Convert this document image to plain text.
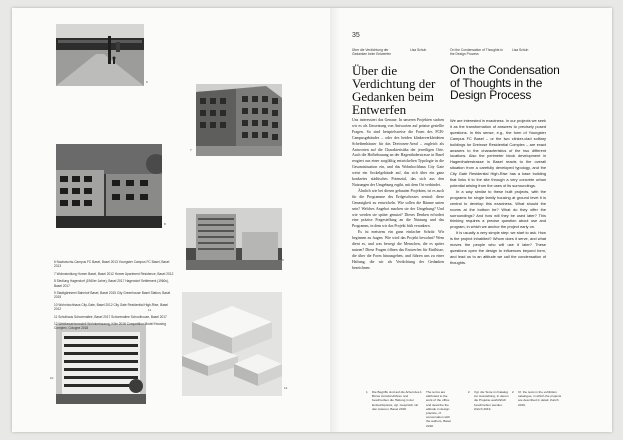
6
7
8
9
10
12
11
6 Nachwuchs-Campus FC Basel, Basel 2013 Youngster Campus FC Basel, Basel 2013
7 Wohnsiedlung Homer Basel, Basel 2012 Homer Apartment Residence, Basel 2012
8 Siedlung Hagendorf (1960er Jahre), Basel 2017 Hagendorf Settlement (1960s), Basel 2017
9 Stadtgärtnerei Bahnhof Basel, Basel 2015 City Greenhouse Basel Station, Basel 2015
10 Wohnhochhaus City-Gate, Basel 2012 City Gate Residential High-Rise, Basel 2012
11 Schulhaus Schorenallee, Basel 2017 Schorenallee Schoolhouse, Basel 2017
12 Wettbewerbsmodell Wohnbebauung, Köln 2018 Competition Model Housing Complex, Cologne 2018
35
Über die Verdichtung der Gedanken beim Entwerfen
Lisa Schuh	On the Condensation of Thoughts in the Design Process
Lisa Schuh
Über die Verdichtung der Gedanken beim Entwerfen
On the Condensation of Thoughts in the Design Process

Uns interessiert das Genaue. In unseren Projekten suchen wir es als Umsetzung von Antworten auf präzise gestellte Fragen. So sind beispielsweise die Form des FCB-Campusgebäudes – oder des beiden klinkerverkleideten Scheibenhäuser für das Dreirosen-Areal – zugleich als Antworten auf die Charakteristika der jeweiligen Orte. Auch die Hofbebauung an der Hagenthalerstrasse in Basel reagiert aus einer sorgfältig entwickelten Typologie in die Gesamtsituation ein, und das Wohnhochhaus City Gate weist ein Sockelgebäude auf, das sich über ein ganz konkretes städtisches Potenzial, das sich aus den Nutzungen der Umgebung ergibt, mit dem Ort verbindet.

Ähnlich wie bei diesen gebauten Projekten, ist es auch für die Programme des Erdgeschosses zentral: diese Genauigkeit zu entwickeln. Wie sollen die Räume unten sein? Welches Angebot machen sie der Umgebung? Und wie werden sie später genutzt? Dieses Denken erfordert eine präzise Fragestellung an die Nutzung und das Programm, in dem wir das Projekt früh verankern.

Es ist meistens ein ganz einfacher Schritt: Wir beginnen zu fragen. Wie wird das Projekt bewohnt? Wem dient es, und was bewegt die Menschen, die es später nutzen? Diese Fragen öffnen das Entwerfen für Einflüsse, die über die Form hinausgehen, und führen uns zu einer Haltung, die wir als Verdichtung der Gedanken bezeichnen.

We are interested in exactness. In our projects we seek it as the transformation of answers to precisely posed questions. In this sense, e.g., the form of Youngster Campus FC Basel – or the two clinker-clad solitary buildings for Dreirose Residential Complex – are exact answers to the characteristics of the two different locations. Also the perimeter block development in Hagenthalerstrasse in Basel reacts to the overall situation from a carefully developed typology, and the City Gate Residential High-Rise has a base building that links it to the site through a very concrete urban potential arising from the uses of its surroundings.

In a way similar to these built projects, with the programs for single family housing at ground level it is central to develop this exactness. What should the rooms at the bottom be? What do they offer the surroundings? And how will they be used later? This thinking requires a precise question about use and program, in which we anchor the project early on.

It is usually a very simple step: we start to ask. How is the project inhabited? Whom does it serve, and what moves the people who will use it later? These questions open the design to influences beyond form, and lead us to an attitude we call the condensation of thoughts.

1 Die Begriffe sind auf die Arbeit des Büros zurückzuführen und beschreiben die Haltung in der Entwurfspraxis, vgl. Gespräch mit den Autoren, Basel 2018.
1 The terms are attributed to the work of the office and describe the attitude in design practice, cf. conversation with the authors, Basel 2018.
2 Vgl. die Texte im Katalog zur Ausstellung, in denen die Projekte ausführlich beschrieben werden. Zürich 2019.
2 Cf. the texts in the exhibition catalogue, in which the projects are described in detail. Zurich 2019.
